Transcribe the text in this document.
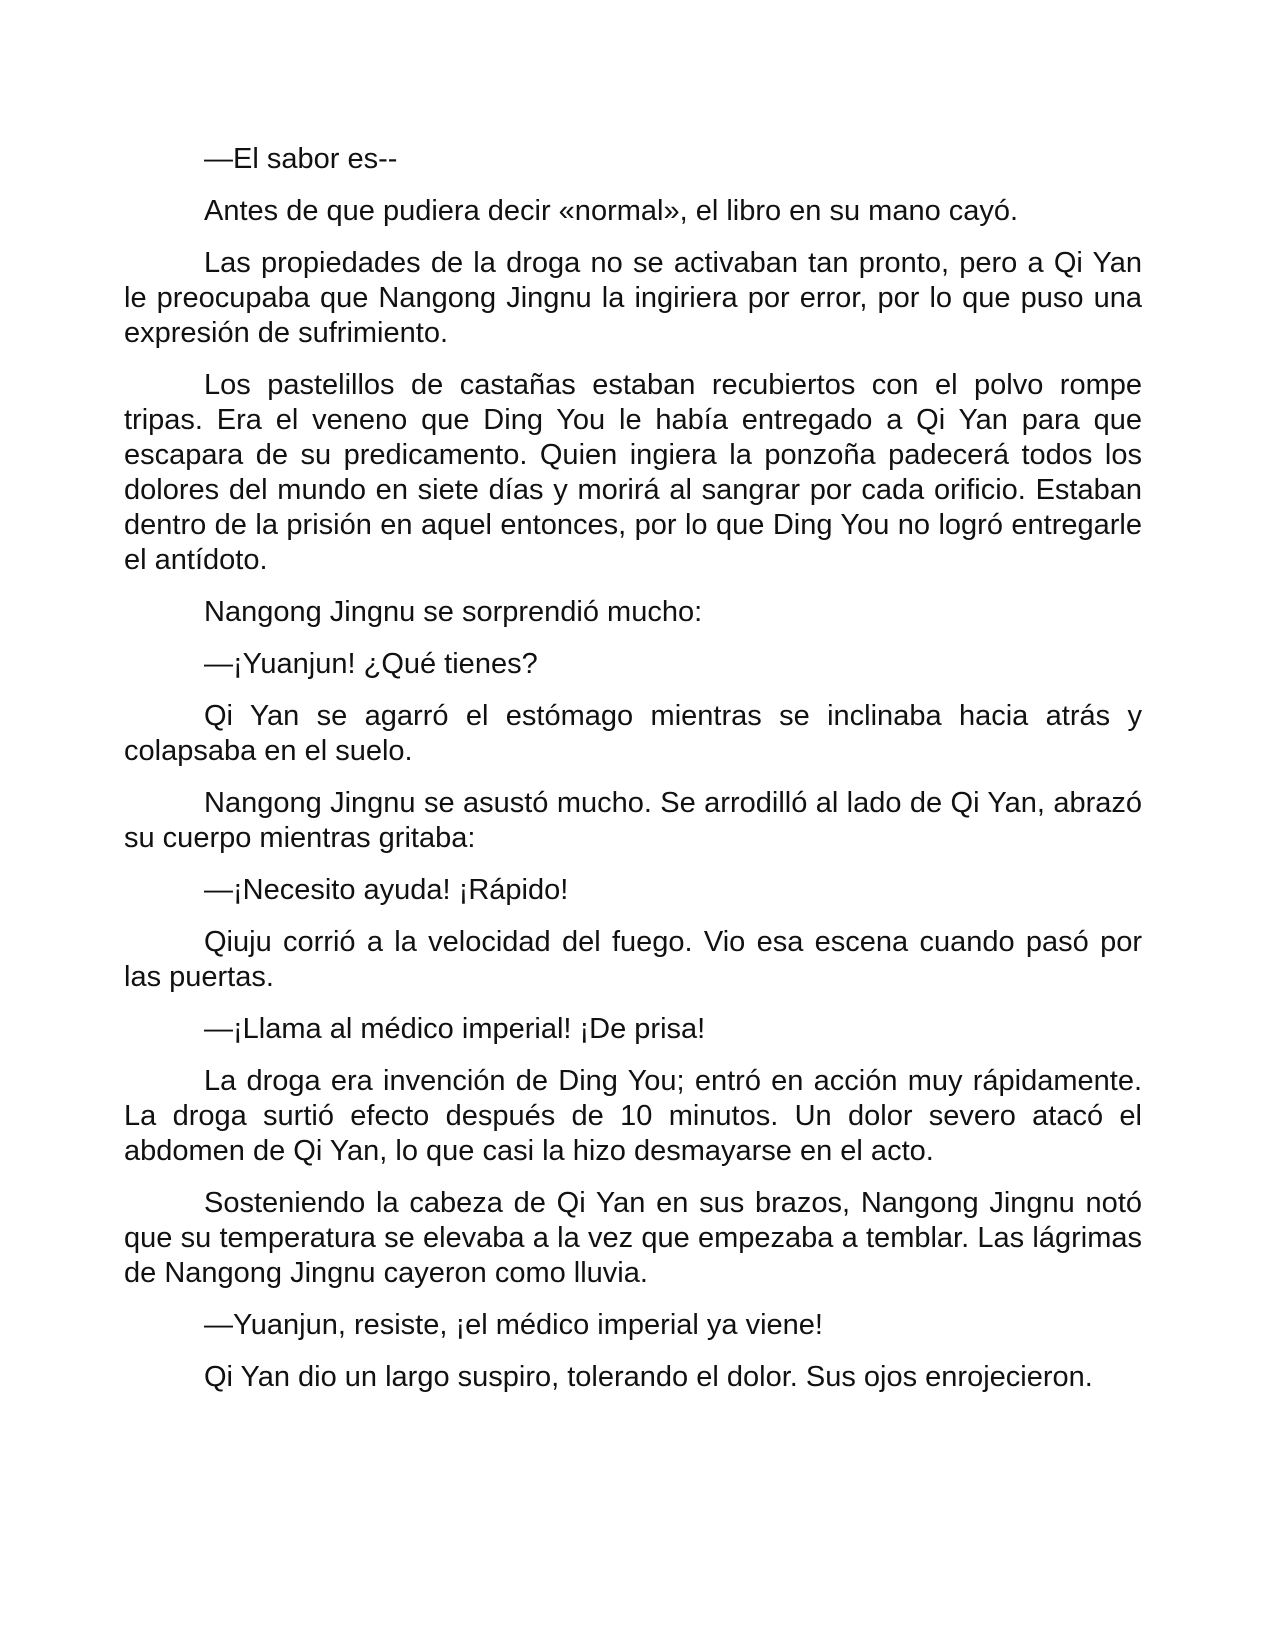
—El sabor es--

Antes de que pudiera decir «normal», el libro en su mano cayó.

Las propiedades de la droga no se activaban tan pronto, pero a Qi Yan le preocupaba que Nangong Jingnu la ingiriera por error, por lo que puso una expresión de sufrimiento.

Los pastelillos de castañas estaban recubiertos con el polvo rompe tripas. Era el veneno que Ding You le había entregado a Qi Yan para que escapara de su predicamento. Quien ingiera la ponzoña padecerá todos los dolores del mundo en siete días y morirá al sangrar por cada orificio. Estaban dentro de la prisión en aquel entonces, por lo que Ding You no logró entregarle el antídoto.

Nangong Jingnu se sorprendió mucho:

—¡Yuanjun! ¿Qué tienes?

Qi Yan se agarró el estómago mientras se inclinaba hacia atrás y colapsaba en el suelo.

Nangong Jingnu se asustó mucho. Se arrodilló al lado de Qi Yan, abrazó su cuerpo mientras gritaba:

—¡Necesito ayuda! ¡Rápido!

Qiuju corrió a la velocidad del fuego. Vio esa escena cuando pasó por las puertas.

—¡Llama al médico imperial! ¡De prisa!

La droga era invención de Ding You; entró en acción muy rápidamente. La droga surtió efecto después de 10 minutos. Un dolor severo atacó el abdomen de Qi Yan, lo que casi la hizo desmayarse en el acto.

Sosteniendo la cabeza de Qi Yan en sus brazos, Nangong Jingnu notó que su temperatura se elevaba a la vez que empezaba a temblar. Las lágrimas de Nangong Jingnu cayeron como lluvia.

—Yuanjun, resiste, ¡el médico imperial ya viene!

Qi Yan dio un largo suspiro, tolerando el dolor. Sus ojos enrojecieron.
